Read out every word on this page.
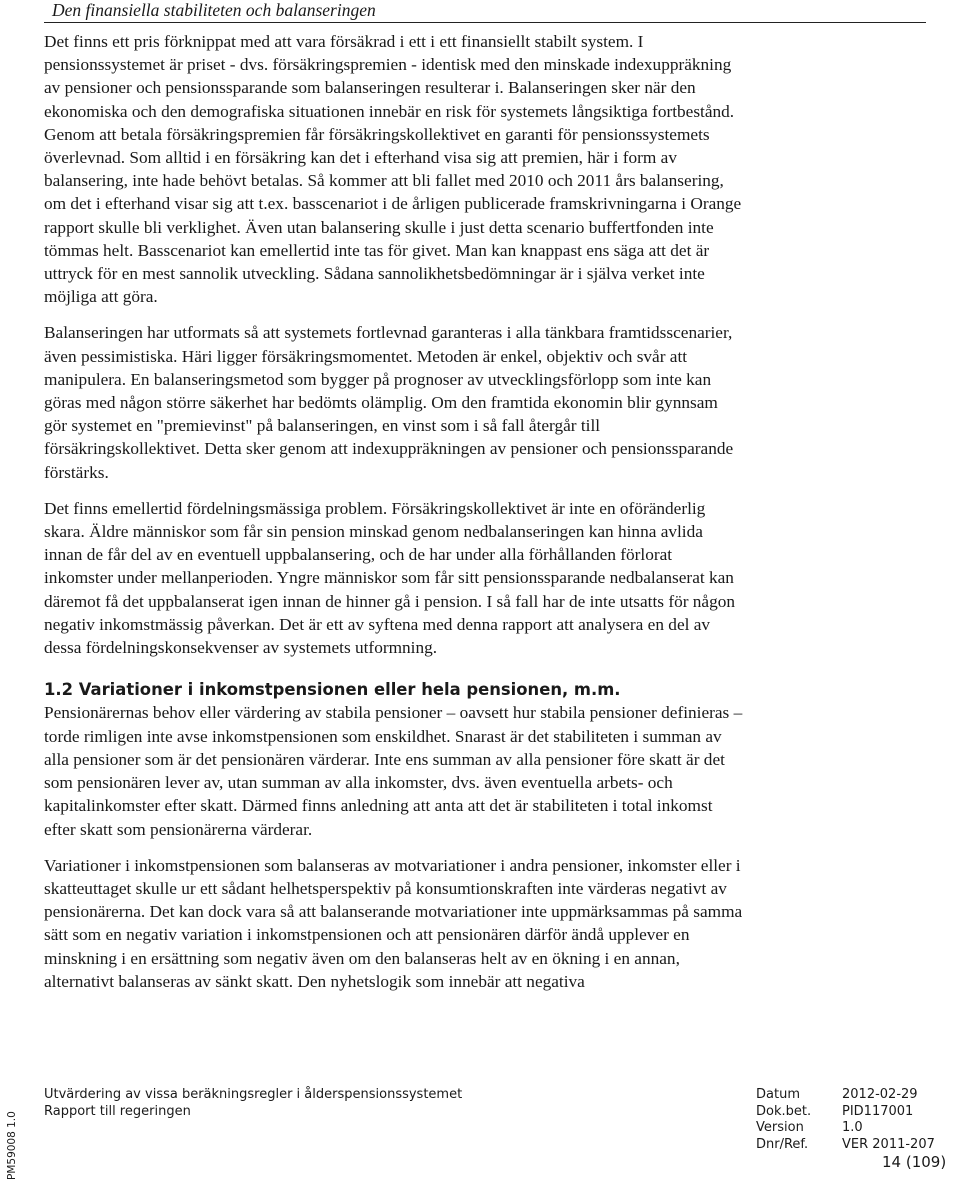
Den finansiella stabiliteten och balanseringen

Det finns ett pris förknippat med att vara försäkrad i ett i ett finansiellt stabilt system. I pensionssystemet är priset - dvs. försäkringspremien - identisk med den minskade indexuppräkning av pensioner och pensionssparande som balanseringen resulterar i. Balanseringen sker när den ekonomiska och den demografiska situationen innebär en risk för systemets långsiktiga fortbestånd. Genom att betala försäkringspremien får försäkringskollektivet en garanti för pensionssystemets överlevnad. Som alltid i en försäkring kan det i efterhand visa sig att premien, här i form av balansering, inte hade behövt betalas. Så kommer att bli fallet med 2010 och 2011 års balansering, om det i efterhand visar sig att t.ex. basscenariot i de årligen publicerade framskrivningarna i Orange rapport skulle bli verklighet. Även utan balansering skulle i just detta scenario buffertfonden inte tömmas helt. Basscenariot kan emellertid inte tas för givet. Man kan knappast ens säga att det är uttryck för en mest sannolik utveckling. Sådana sannolikhetsbedömningar är i själva verket inte möjliga att göra.

Balanseringen har utformats så att systemets fortlevnad garanteras i alla tänkbara framtidsscenarier, även pessimistiska. Häri ligger försäkringsmomentet. Metoden är enkel, objektiv och svår att manipulera. En balanseringsmetod som bygger på prognoser av utvecklingsförlopp som inte kan göras med någon större säkerhet har bedömts olämplig. Om den framtida ekonomin blir gynnsam gör systemet en "premievinst" på balanseringen, en vinst som i så fall återgår till försäkringskollektivet. Detta sker genom att indexuppräkningen av pensioner och pensionssparande förstärks.

Det finns emellertid fördelningsmässiga problem. Försäkringskollektivet är inte en oföränderlig skara. Äldre människor som får sin pension minskad genom nedbalanseringen kan hinna avlida innan de får del av en eventuell uppbalansering, och de har under alla förhållanden förlorat inkomster under mellanperioden. Yngre människor som får sitt pensionssparande nedbalanserat kan däremot få det uppbalanserat igen innan de hinner gå i pension. I så fall har de inte utsatts för någon negativ inkomstmässig påverkan. Det är ett av syftena med denna rapport att analysera en del av dessa fördelningskonsekvenser av systemets utformning.

1.2 Variationer i inkomstpensionen eller hela pensionen, m.m.

Pensionärernas behov eller värdering av stabila pensioner – oavsett hur stabila pensioner definieras – torde rimligen inte avse inkomstpensionen som enskildhet. Snarast är det stabiliteten i summan av alla pensioner som är det pensionären värderar. Inte ens summan av alla pensioner före skatt är det som pensionären lever av, utan summan av alla inkomster, dvs. även eventuella arbets- och kapitalinkomster efter skatt. Därmed finns anledning att anta att det är stabiliteten i total inkomst efter skatt som pensionärerna värderar.

Variationer i inkomstpensionen som balanseras av motvariationer i andra pensioner, inkomster eller i skatteuttaget skulle ur ett sådant helhetsperspektiv på konsumtionskraften inte värderas negativt av pensionärerna. Det kan dock vara så att balanserande motvariationer inte uppmärksammas på samma sätt som en negativ variation i inkomstpensionen och att pensionären därför ändå upplever en minskning i en ersättning som negativ även om den balanseras helt av en ökning i en annan, alternativt balanseras av sänkt skatt. Den nyhetslogik som innebär att negativa

PM59008 1.0
Utvärdering av vissa beräkningsregler i ålderspensionssystemet
Rapport till regeringen
Datum	2012-02-29
Dok.bet.	PID117001
Version	1.0
Dnr/Ref.	VER 2011-207
14 (109)
